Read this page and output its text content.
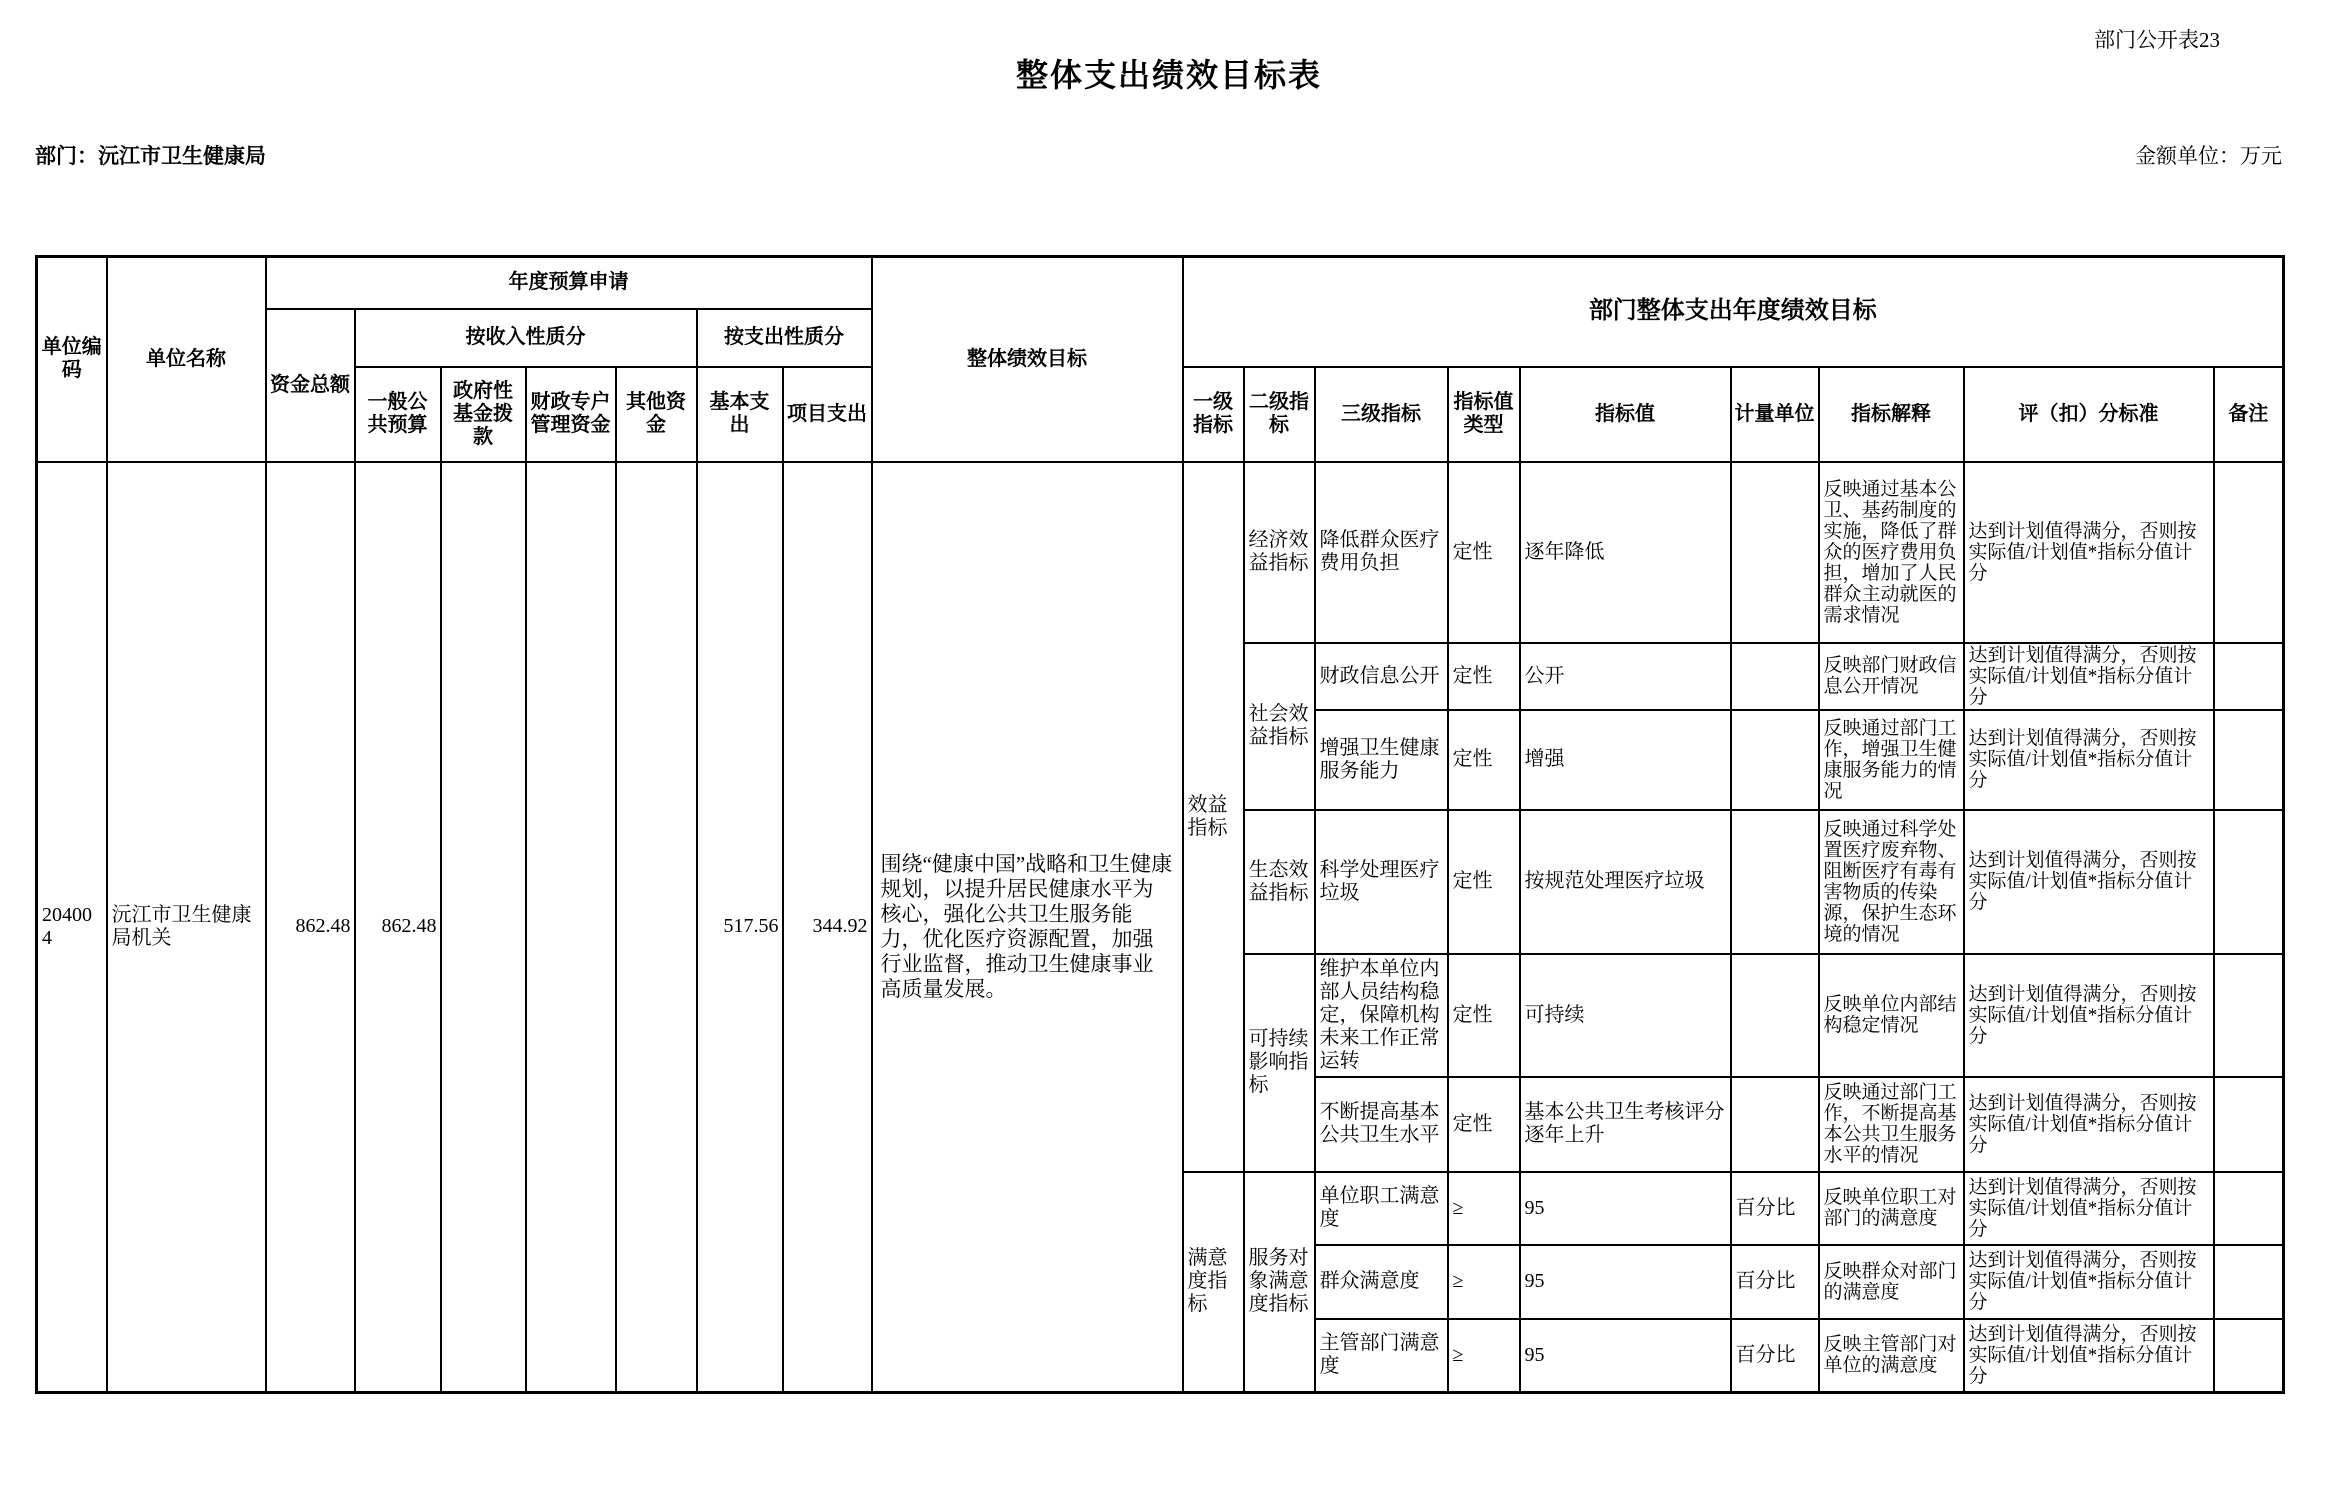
部门公开表23
整体支出绩效目标表
部门：沅江市卫生健康局	金额单位：万元
单位编码	单位名称	年度预算申请							整体绩效目标	部门整体支出年度绩效目标								
		资金总额	按收入性质分				按支出性质分											
			一般公共预算	政府性基金拨款	财政专户管理资金	其他资金	基本支出	项目支出		一级指标	二级指标	三级指标	指标值类型	指标值	计量单位	指标解释	评（扣）分标准	备注
204004	沅江市卫生健康局机关	862.48	862.48				517.56	344.92	围绕“健康中国”战略和卫生健康规划，以提升居民健康水平为核心，强化公共卫生服务能力，优化医疗资源配置，加强行业监督，推动卫生健康事业高质量发展。	效益指标	经济效益指标	降低群众医疗费用负担	定性	逐年降低		反映通过基本公卫、基药制度的实施，降低了群众的医疗费用负担，增加了人民群众主动就医的需求情况	达到计划值得满分，否则按实际值/计划值*指标分值计分	
											社会效益指标	财政信息公开	定性	公开		反映部门财政信息公开情况	达到计划值得满分，否则按实际值/计划值*指标分值计分	
												增强卫生健康服务能力	定性	增强		反映通过部门工作，增强卫生健康服务能力的情况	达到计划值得满分，否则按实际值/计划值*指标分值计分	
											生态效益指标	科学处理医疗垃圾	定性	按规范处理医疗垃圾		反映通过科学处置医疗废弃物、阻断医疗有毒有害物质的传染源，保护生态环境的情况	达到计划值得满分，否则按实际值/计划值*指标分值计分	
											可持续影响指标	维护本单位内部人员结构稳定，保障机构未来工作正常运转	定性	可持续		反映单位内部结构稳定情况	达到计划值得满分，否则按实际值/计划值*指标分值计分	
												不断提高基本公共卫生水平	定性	基本公共卫生考核评分逐年上升		反映通过部门工作，不断提高基本公共卫生服务水平的情况	达到计划值得满分，否则按实际值/计划值*指标分值计分	
										满意度指标	服务对象满意度指标	单位职工满意度	≥	95	百分比	反映单位职工对部门的满意度	达到计划值得满分，否则按实际值/计划值*指标分值计分	
												群众满意度	≥	95	百分比	反映群众对部门的满意度	达到计划值得满分，否则按实际值/计划值*指标分值计分	
												主管部门满意度	≥	95	百分比	反映主管部门对单位的满意度	达到计划值得满分，否则按实际值/计划值*指标分值计分	
